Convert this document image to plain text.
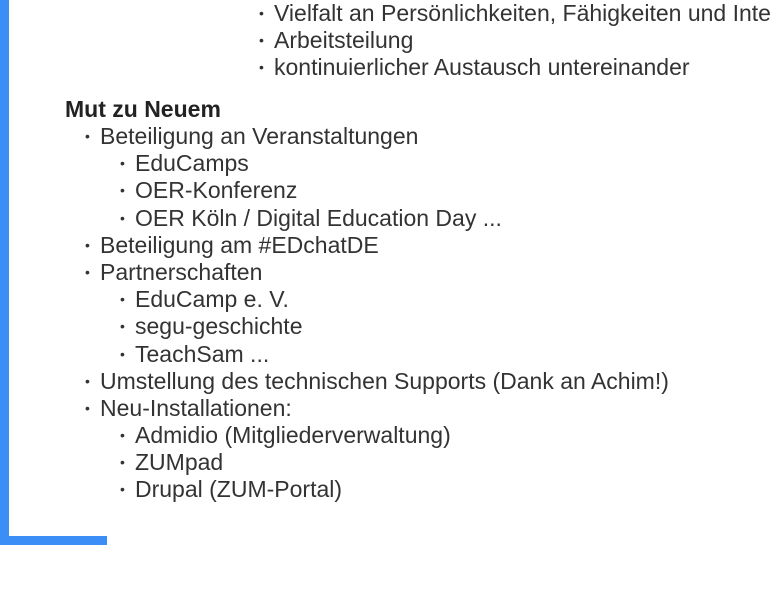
• Vielfalt an Persönlichkeiten, Fähigkeiten und Inte
• Arbeitsteilung
• kontinuierlicher Austausch untereinander
Mut zu Neuem
• Beteiligung an Veranstaltungen
• EduCamps
• OER-Konferenz
• OER Köln / Digital Education Day ...
• Beteiligung am #EDchatDE
• Partnerschaften
• EduCamp e. V.
• segu-geschichte
• TeachSam ...
• Umstellung des technischen Supports (Dank an Achim!)
• Neu-Installationen:
• Admidio (Mitgliederverwaltung)
• ZUMpad
• Drupal (ZUM-Portal)
